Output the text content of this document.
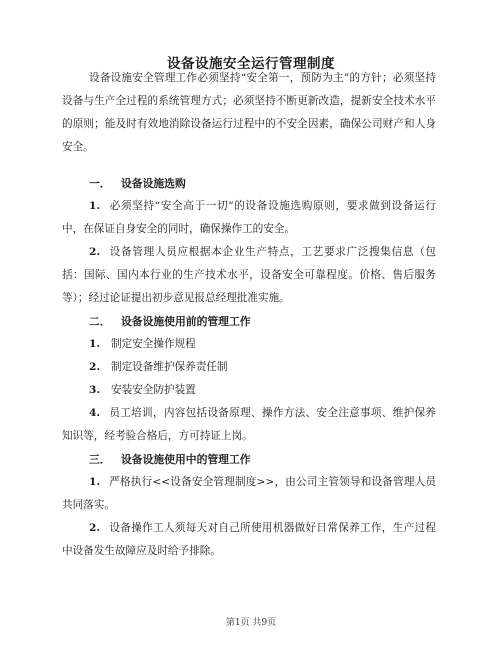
设备设施安全运行管理制度

设备设施安全管理工作必须坚持“安全第一，预防为主”的方针；必须坚持设备与生产全过程的系统管理方式；必须坚持不断更新改造，提新安全技术水平的原则；能及时有效地消除设备运行过程中的不安全因素，确保公司财产和人身安全。

一． 设备设施选购

1. 必须坚持“安全高于一切”的设备设施选购原则，要求做到设备运行中，在保证自身安全的同时，确保操作工的安全。

2. 设备管理人员应根据本企业生产特点，工艺要求广泛搜集信息（包括：国际、国内本行业的生产技术水平，设备安全可靠程度。价格、售后服务等）；经过论证提出初步意见报总经理批准实施。

二． 设备设施使用前的管理工作
1. 制定安全操作规程
2. 制定设备维护保养责任制
3. 安装安全防护装置

4. 员工培训，内容包括设备原理、操作方法、安全注意事项、维护保养知识等，经考验合格后，方可持证上岗。

三． 设备设施使用中的管理工作

1. 严格执行<<设备安全管理制度>>，由公司主管领导和设备管理人员共同落实。

2. 设备操作工人须每天对自己所使用机器做好日常保养工作，生产过程中设备发生故障应及时给予排除。

第1页 共9页
